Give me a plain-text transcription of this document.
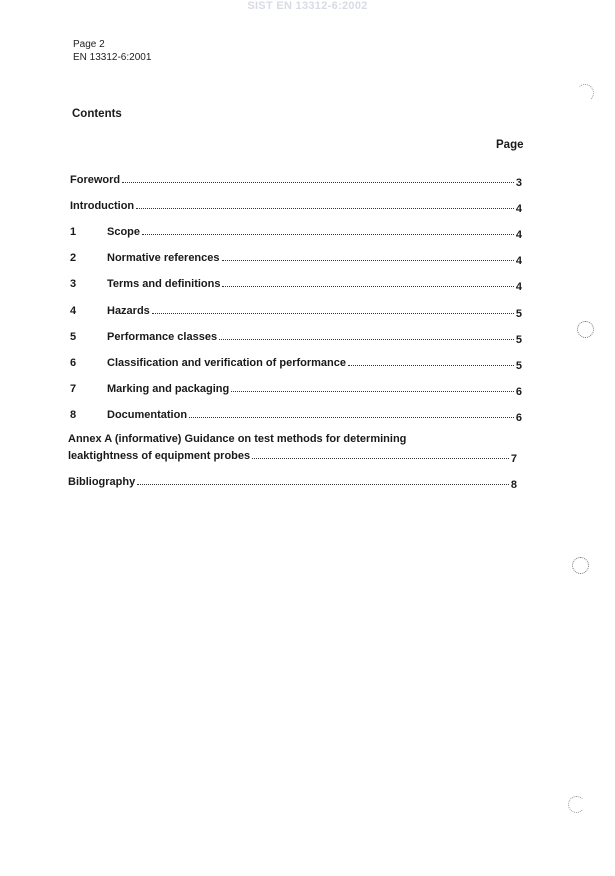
SIST EN 13312-6:2002
Page 2
EN 13312-6:2001
Contents
Page
Foreword	3
Introduction	4
1	Scope	4
2	Normative references	4
3	Terms and definitions	4
4	Hazards	5
5	Performance classes	5
6	Classification and verification of performance	5
7	Marking and packaging	6
8	Documentation	6
Annex A (informative) Guidance on test methods for determining
leaktightness of equipment probes	7
Bibliography	8
